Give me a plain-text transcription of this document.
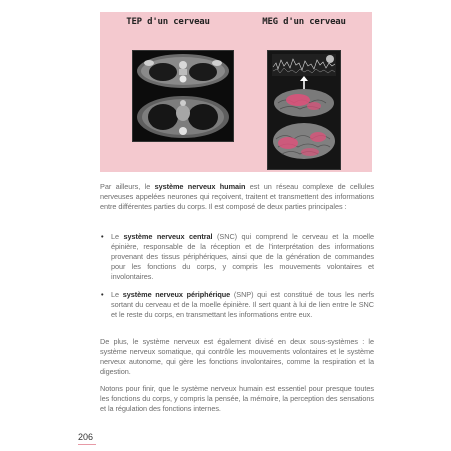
TEP d'un cerveau	MEG d'un cerveau

Par ailleurs, le système nerveux humain est un réseau complexe de cellules nerveuses appelées neurones qui reçoivent, traitent et transmettent des informations entre différentes parties du corps. Il est composé de deux parties principales :

• Le système nerveux central (SNC) qui comprend le cerveau et la moelle épinière, responsable de la réception et de l'interprétation des informations provenant des tissus périphériques, ainsi que de la génération de commandes pour les fonctions du corps, y compris les mouvements volontaires et involontaires.
• Le système nerveux périphérique (SNP) qui est constitué de tous les nerfs sortant du cerveau et de la moelle épinière. Il sert quant à lui de lien entre le SNC et le reste du corps, en transmettant les informations entre eux.

De plus, le système nerveux est également divisé en deux sous-systèmes : le système nerveux somatique, qui contrôle les mouvements volontaires et le système nerveux autonome, qui gère les fonctions involontaires, comme la respiration et la digestion.

Notons pour finir, que le système nerveux humain est essentiel pour presque toutes les fonctions du corps, y compris la pensée, la mémoire, la perception des sensations et la régulation des fonctions internes.

206
